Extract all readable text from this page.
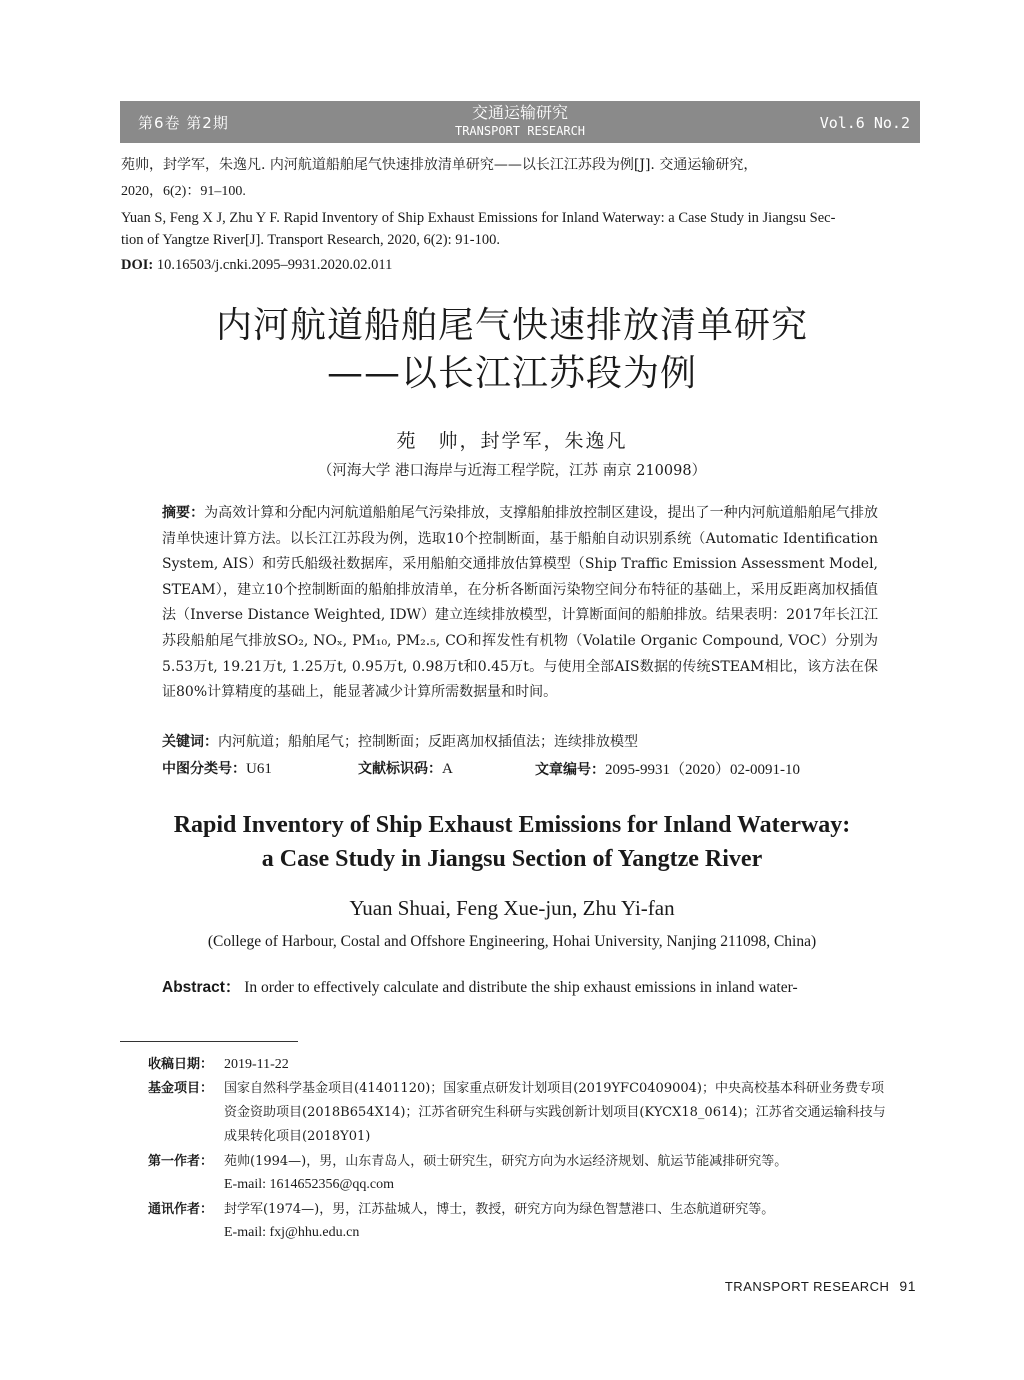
第6卷 第2期
交通运输研究
TRANSPORT RESEARCH	Vol.6 No.2
苑帅，封学军，朱逸凡. 内河航道船舶尾气快速排放清单研究——以长江江苏段为例[J]. 交通运输研究，
2020，6(2)：91–100.
Yuan S, Feng X J, Zhu Y F. Rapid Inventory of Ship Exhaust Emissions for Inland Waterway: a Case Study in Jiangsu Sec-
tion of Yangtze River[J]. Transport Research, 2020, 6(2): 91-100.
DOI: 10.16503/j.cnki.2095–9931.2020.02.011
内河航道船舶尾气快速排放清单研究
——以长江江苏段为例
苑　帅，封学军，朱逸凡
（河海大学 港口海岸与近海工程学院，江苏 南京 210098）
摘要：为高效计算和分配内河航道船舶尾气污染排放，支撑船舶排放控制区建设，提出了一种内河航道船舶尾气排放清单快速计算方法。以长江江苏段为例，选取10个控制断面，基于船舶自动识别系统（Automatic Identification System, AIS）和劳氏船级社数据库，采用船舶交通排放估算模型（Ship Traffic Emission Assessment Model, STEAM），建立10个控制断面的船舶排放清单，在分析各断面污染物空间分布特征的基础上，采用反距离加权插值法（Inverse Distance Weighted, IDW）建立连续排放模型，计算断面间的船舶排放。结果表明：2017年长江江苏段船舶尾气排放SO₂, NOₓ, PM₁₀, PM₂.₅, CO和挥发性有机物（Volatile Organic Compound, VOC）分别为5.53万t, 19.21万t, 1.25万t, 0.95万t, 0.98万t和0.45万t。与使用全部AIS数据的传统STEAM相比，该方法在保证80%计算精度的基础上，能显著减少计算所需数据量和时间。
关键词：内河航道；船舶尾气；控制断面；反距离加权插值法；连续排放模型
中图分类号：U61	文献标识码：A	文章编号：2095-9931（2020）02-0091-10
Rapid Inventory of Ship Exhaust Emissions for Inland Waterway:
a Case Study in Jiangsu Section of Yangtze River
Yuan Shuai, Feng Xue-jun, Zhu Yi-fan
(College of Harbour, Costal and Offshore Engineering, Hohai University, Nanjing 211098, China)
Abstract： In order to effectively calculate and distribute the ship exhaust emissions in inland water-
收稿日期： 2019-11-22
基金项目： 国家自然科学基金项目(41401120)；国家重点研发计划项目(2019YFC0409004)；中央高校基本科研业务费专项资金资助项目(2018B654X14)；江苏省研究生科研与实践创新计划项目(KYCX18_0614)；江苏省交通运输科技与成果转化项目(2018Y01)
第一作者： 苑帅(1994—)，男，山东青岛人，硕士研究生，研究方向为水运经济规划、航运节能减排研究等。
E-mail: 1614652356@qq.com
通讯作者： 封学军(1974—)，男，江苏盐城人，博士，教授，研究方向为绿色智慧港口、生态航道研究等。
E-mail: fxj@hhu.edu.cn
TRANSPORT RESEARCH 91
